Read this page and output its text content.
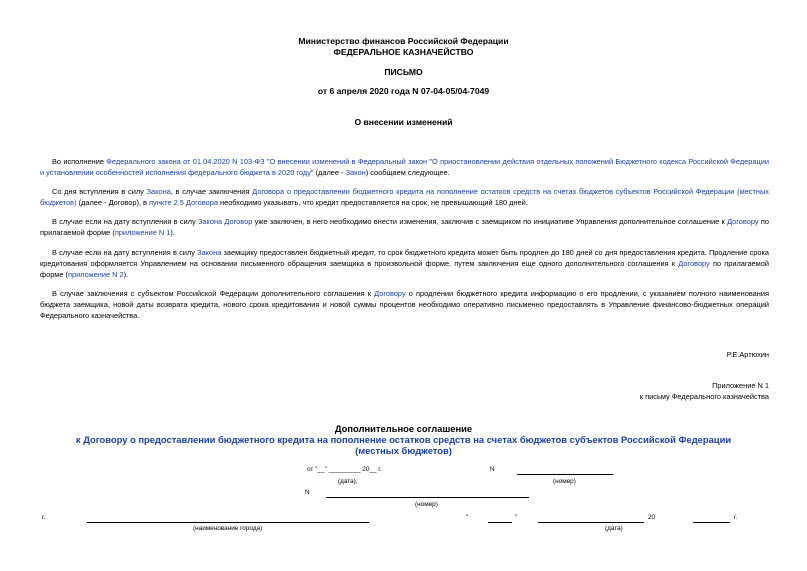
Министерство финансов Российской Федерации
ФЕДЕРАЛЬНОЕ КАЗНАЧЕЙСТВО
ПИСЬМО
от 6 апреля 2020 года N 07-04-05/04-7049
О внесении изменений
Во исполнение Федерального закона от 01.04.2020 N 103-ФЗ "О внесении изменений в Федеральный закон "О приостановлении действия отдельных положений Бюджетного кодекса Российской Федерации и установлении особенностей исполнения федерального бюджета в 2020 году" (далее - Закон) сообщаем следующее.
Со дня вступления в силу Закона, в случае заключения Договора о предоставлении бюджетного кредита на пополнение остатков средств на счетах бюджетов субъектов Российской Федерации (местных бюджетов) (далее - Договор), в пункте 2.5 Договора необходимо указывать, что кредит предоставляется на срок, не превышающий 180 дней.
В случае если на дату вступления в силу Закона Договор уже заключен, в него необходимо внести изменения, заключив с заемщиком по инициативе Управления дополнительное соглашение к Договору по прилагаемой форме (приложение N 1).
В случае если на дату вступления в силу Закона заемщику предоставлен бюджетный кредит, то срок бюджетного кредита может быть продлен до 180 дней со дня предоставления кредита. Продление срока кредитования оформляется Управлением на основании письменного обращения заемщика в произвольной форме, путем заключения еще одного дополнительного соглашения к Договору по прилагаемой форме (приложение N 2).
В случае заключения с субъектом Российской Федерации дополнительного соглашения к Договору о продлении бюджетного кредита информацию о его продлении, с указанием полного наименования бюджета заемщика, новой даты возврата кредита, нового срока кредитования и новой суммы процентов необходимо оперативно письменно предоставлять в Управление финансово-бюджетных операций Федерального казначейства.
Р.Е.Артюхин
Приложение N 1
к письму Федерального казначейства
Дополнительное соглашение
к Договору о предоставлении бюджетного кредита на пополнение остатков средств на счетах бюджетов субъектов Российской Федерации
(местных бюджетов)
от "__" _________ 20__ г.	N
(дата),	(номер)
N
(номер)
г.	"	"	20	г.
(наименование города)	(дата)
